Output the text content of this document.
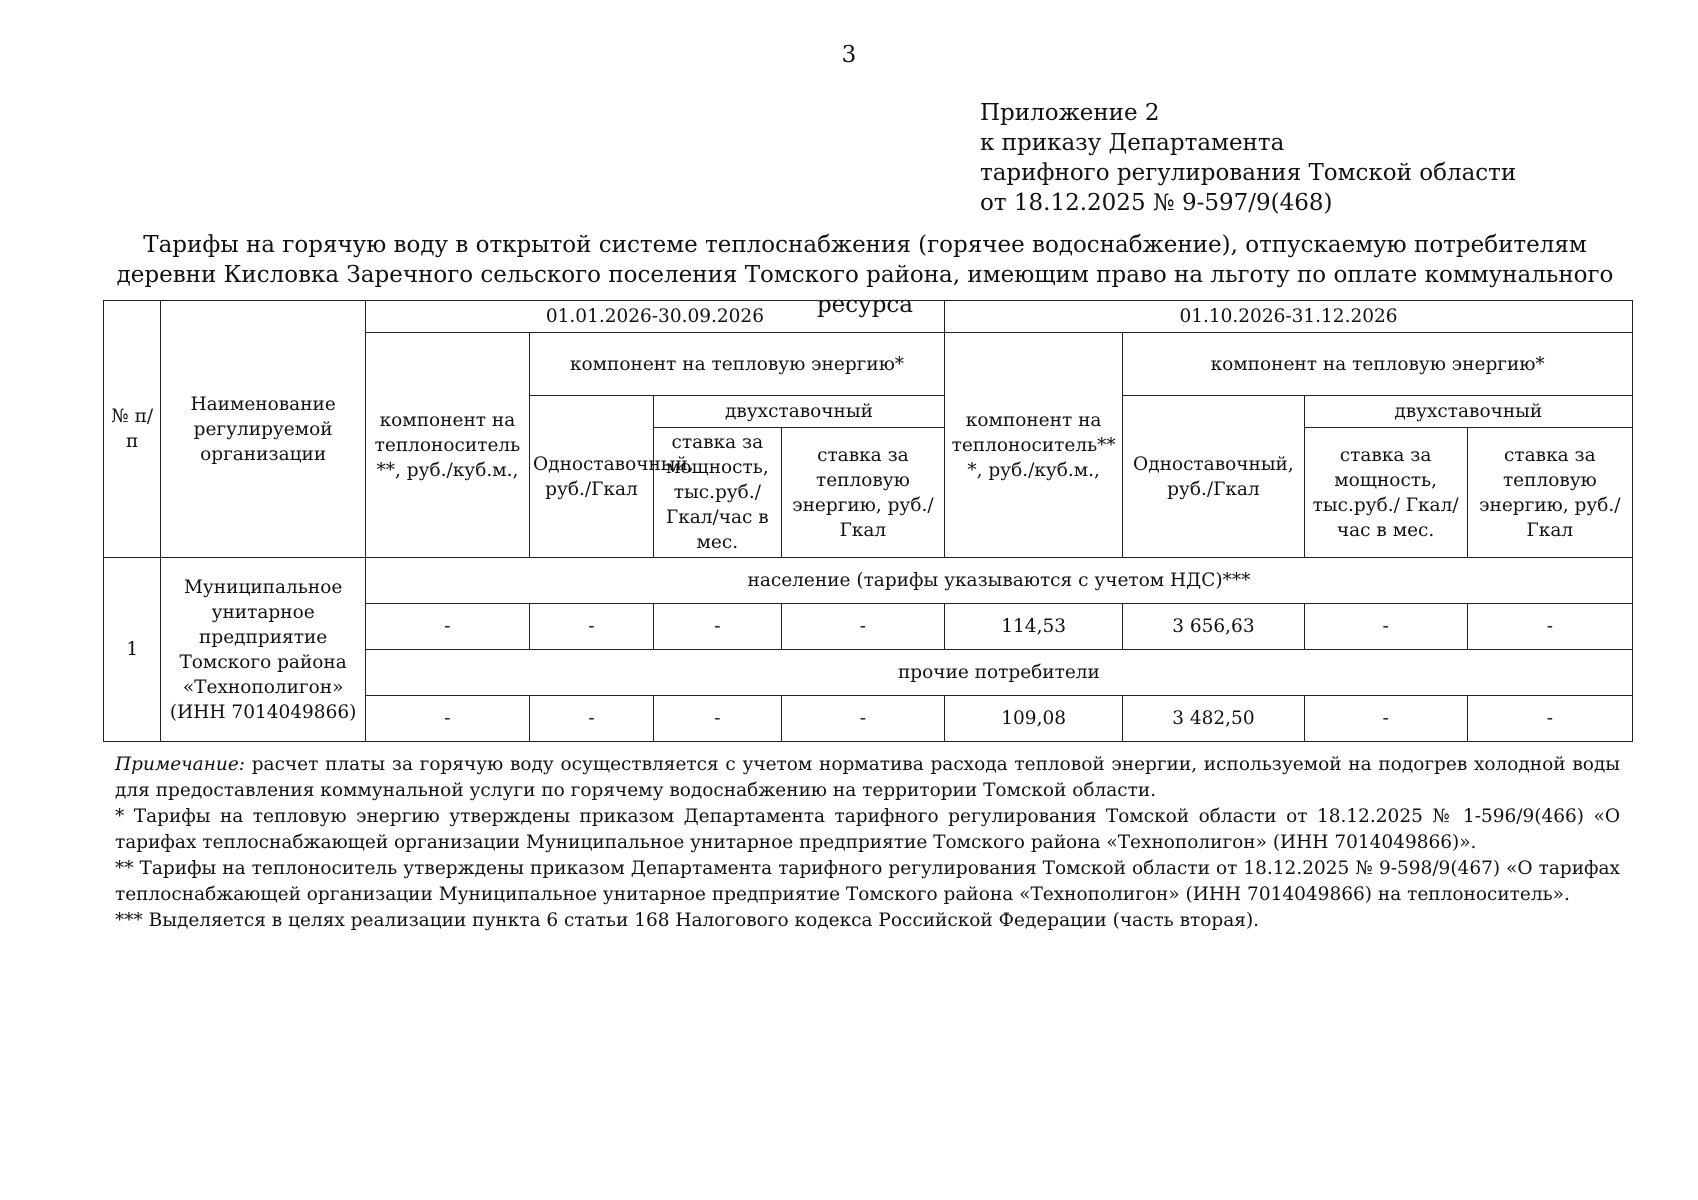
3
Приложение 2
к приказу Департамента
тарифного регулирования Томской области
от 18.12.2025 № 9-597/9(468)
Тарифы на горячую воду в открытой системе теплоснабжения (горячее водоснабжение), отпускаемую потребителям
деревни Кисловка Заречного сельского поселения Томского района, имеющим право на льготу по оплате коммунального ресурса
№ п/п	Наименование регулируемой организации	01.01.2026-30.09.2026				01.10.2026-31.12.2026			
		компонент на теплоноситель **, руб./куб.м.,	компонент на тепловую энергию*			компонент на теплоноситель** *, руб./куб.м.,	компонент на тепловую энергию*		
			Одноставочный, руб./Гкал	двухставочный			Одноставочный, руб./Гкал	двухставочный	
				ставка за мощность, тыс.руб./ Гкал/час в мес.	ставка за тепловую энергию, руб./Гкал			ставка за мощность, тыс.руб./ Гкал/час в мес.	ставка за тепловую энергию, руб./Гкал
1	Муниципальное унитарное предприятие Томского района «Технополигон» (ИНН 7014049866)	население (тарифы указываются с учетом НДС)***							
		-	-	-	-	114,53	3 656,63	-	-
		прочие потребители							
		-	-	-	-	109,08	3 482,50	-	-

Примечание: расчет платы за горячую воду осуществляется с учетом норматива расхода тепловой энергии, используемой на подогрев холодной воды для предоставления коммунальной услуги по горячему водоснабжению на территории Томской области.

* Тарифы на тепловую энергию утверждены приказом Департамента тарифного регулирования Томской области от 18.12.2025 № 1-596/9(466) «О тарифах теплоснабжающей организации Муниципальное унитарное предприятие Томского района «Технополигон» (ИНН 7014049866)».

** Тарифы на теплоноситель утверждены приказом Департамента тарифного регулирования Томской области от 18.12.2025 № 9-598/9(467) «О тарифах теплоснабжающей организации Муниципальное унитарное предприятие Томского района «Технополигон» (ИНН 7014049866) на теплоноситель».

*** Выделяется в целях реализации пункта 6 статьи 168 Налогового кодекса Российской Федерации (часть вторая).
